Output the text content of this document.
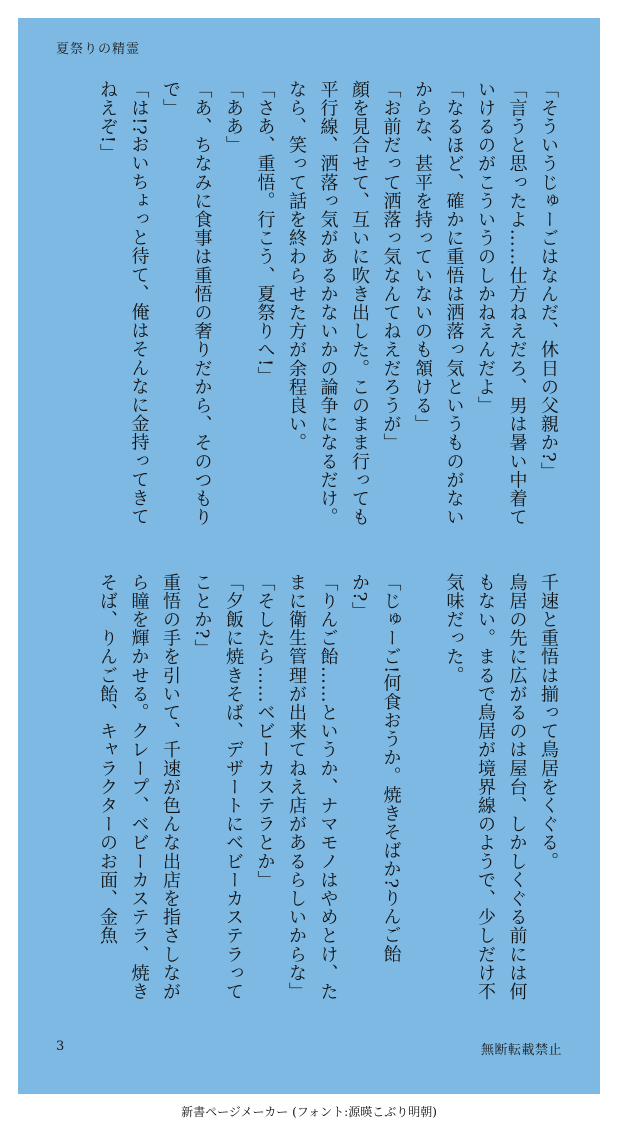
夏祭りの精霊

「そういうじゅーごはなんだ、休日の父親か?」

「言うと思ったよ……仕方ねえだろ、男は暑い中着ていけるのがこういうのしかねえんだよ」

「なるほど、確かに重悟は洒落っ気というものがないからな、甚平を持っていないのも頷ける」

「お前だって洒落っ気なんてねえだろうが」

顔を見合せて、互いに吹き出した。このまま行っても平行線、洒落っ気があるかないかの論争になるだけ。なら、笑って話を終わらせた方が余程良い。

「さあ、重悟。行こう、夏祭りへ!」

「ああ」

「あ、ちなみに食事は重悟の奢りだから、そのつもりで」

「は!?おいちょっと待て、俺はそんなに金持ってきてねえぞ!」

千速と重悟は揃って鳥居をくぐる。

鳥居の先に広がるのは屋台、しかしくぐる前には何もない。まるで鳥居が境界線のようで、少しだけ不気味だった。

「じゅーご!何食おうか。焼きそばか?りんご飴か?」

「りんご飴……というか、ナマモノはやめとけ、たまに衛生管理が出来てねえ店があるらしいからな」

「そしたら……ベビーカステラとか」

「夕飯に焼きそば、デザートにベビーカステラってことか?」

重悟の手を引いて、千速が色んな出店を指さしながら瞳を輝かせる。クレープ、ベビーカステラ、焼きそば、りんご飴、キャラクターのお面、金魚

3	無断転載禁止
新書ページメーカー (フォント:源暎こぶり明朝)
